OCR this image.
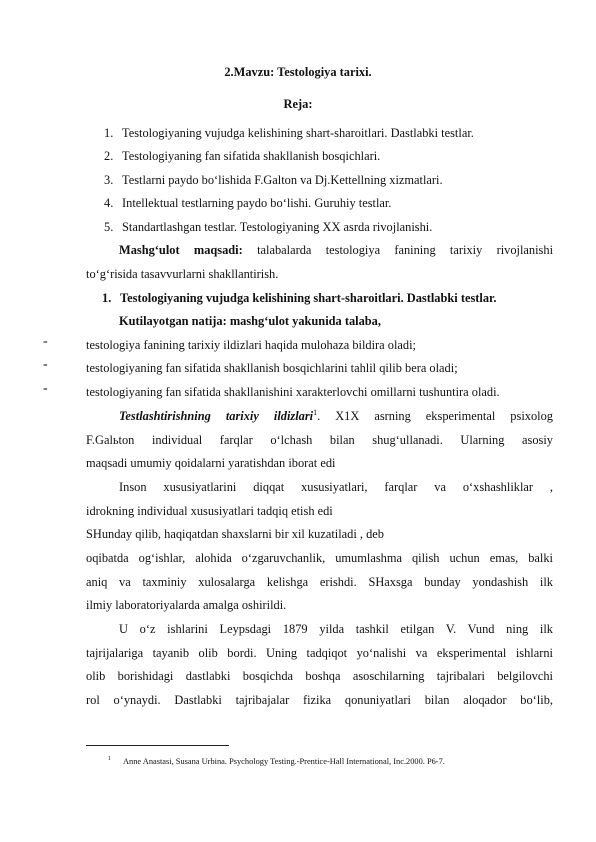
2.Mavzu: Testologiya tarixi.
Reja:
1. Testologiyaning vujudga kelishining shart-sharoitlari. Dastlabki testlar.
2. Testologiyaning fan sifatida shakllanish bosqichlari.
3. Testlarni paydo boʻlishida F.Galton va Dj.Kettellning xizmatlari.
4. Intellektual testlarning paydo boʻlishi. Guruhiy testlar.
5. Standartlashgan testlar. Testologiyaning XX asrda rivojlanishi.
Mashgʻulot maqsadi: talabalarda testologiya fanining tarixiy rivojlanishi
toʻgʻrisida tasavvurlarni shakllantirish.
1. Testologiyaning vujudga kelishining shart-sharoitlari. Dastlabki testlar.
Kutilayotgan natija: mashgʻulot yakunida talaba,
-	testologiya fanining tarixiy ildizlari haqida mulohaza bildira oladi;
-	testologiyaning fan sifatida shakllanish bosqichlarini tahlil qilib bera oladi;
-	testologiyaning fan sifatida shakllanishini xarakterlovchi omillarni tushuntira oladi.
Testlashtirishning tarixiy ildizlari$^1$. X1X asrning eksperimental psixolog
F.Galьton individual farqlar oʻlchash bilan shugʻullanadi. Ularning asosiy
maqsadi umumiy qoidalarni yaratishdan iborat edi
Inson xususiyatlarini diqqat xususiyatlari, farqlar va oʻxshashliklar ,
idrokning individual xususiyatlari tadqiq etish edi
SHunday qilib, haqiqatdan shaxslarni bir xil kuzatiladi , deb
oqibatda ogʻishlar, alohida oʻzgaruvchanlik, umumlashma qilish uchun emas, balki
aniq va taxminiy xulosalarga kelishga erishdi. SHaxsga bunday yondashish ilk
ilmiy laboratoriyalarda amalga oshirildi.
U oʻz ishlarini Leypsdagi 1879 yilda tashkil etilgan V. Vund ning ilk
tajrijalariga tayanib olib bordi. Uning tadqiqot yoʻnalishi va eksperimental ishlarni
olib borishidagi dastlabki bosqichda boshqa asoschilarning tajribalari belgilovchi
rol oʻynaydi. Dastlabki tajribajalar fizika qonuniyatlari bilan aloqador boʻlib,
$^1$ Anne Anastasi, Susana Urbina. Psychology Testing.-Prentice-Hall International, Inc.2000. P6-7.
